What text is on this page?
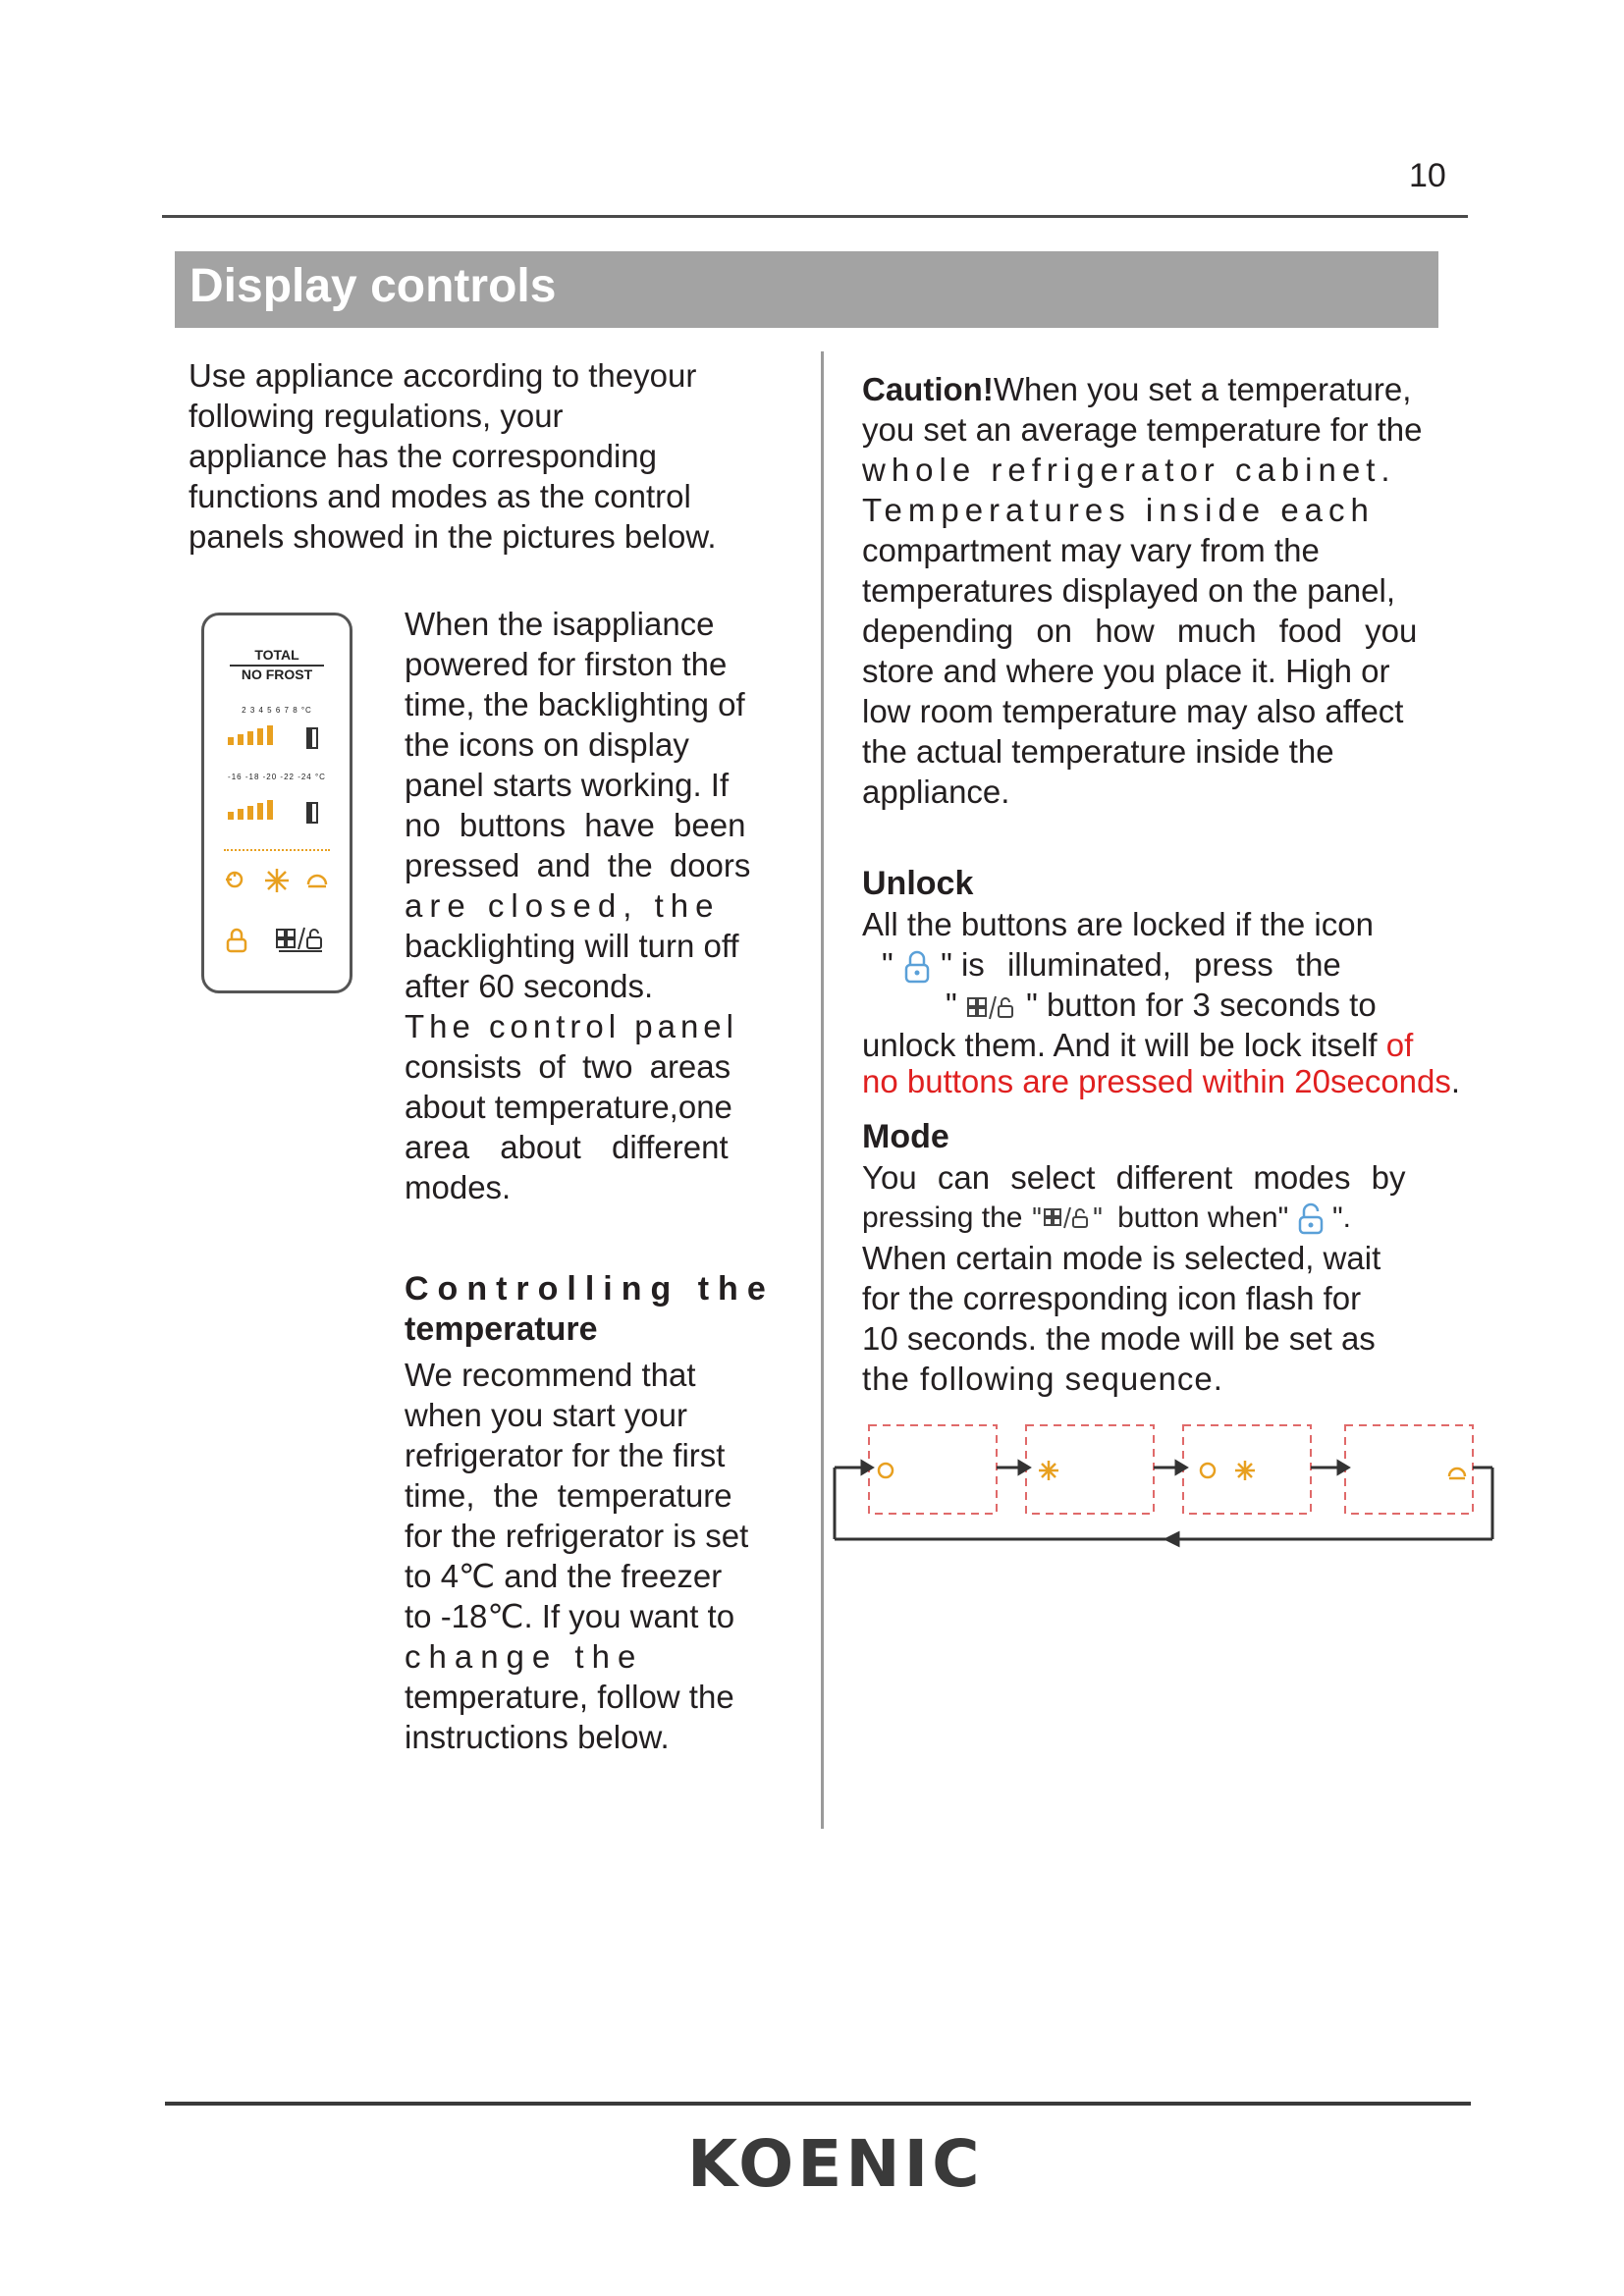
10
Display controls
Use appliance according to theyour
following regulations, your
appliance has the corresponding
functions and modes as the control
panels showed in the pictures below.
TOTAL
NO FROST
2 3 4 5 6 7 8 °C
-16 -18 -20 -22 -24 °C
When the isappliance
powered for firston the
time, the backlighting of
the icons on display
panel starts working. If
no buttons have been
pressed and the doors
are closed, the
backlighting will turn off
after 60 seconds.
The control panel
consists of two areas
about temperature,one
area about different
modes.
Controlling the
temperature
We recommend that
when you start your
refrigerator for the first
time, the temperature
for the refrigerator is set
to 4℃ and the freezer
to -18℃. If you want to
change the
temperature, follow the
instructions below.
Caution!When you set a temperature,
you set an average temperature for the
whole refrigerator cabinet.
Temperatures inside each
compartment may vary from the
temperatures displayed on the panel,
depending on how much food you
store and where you place it. High or
low room temperature may also affect
the actual temperature inside the
appliance.
Unlock
All the buttons are locked if the icon
" " is illuminated, press the
" " button for 3 seconds to
unlock them. And it will be lock itself of
no buttons are pressed within 20seconds.
Mode
You can select different modes by
pressing the " " button when" ".
When certain mode is selected, wait
for the corresponding icon flash for
10 seconds. the mode will be set as
the following sequence.
KOENIC
